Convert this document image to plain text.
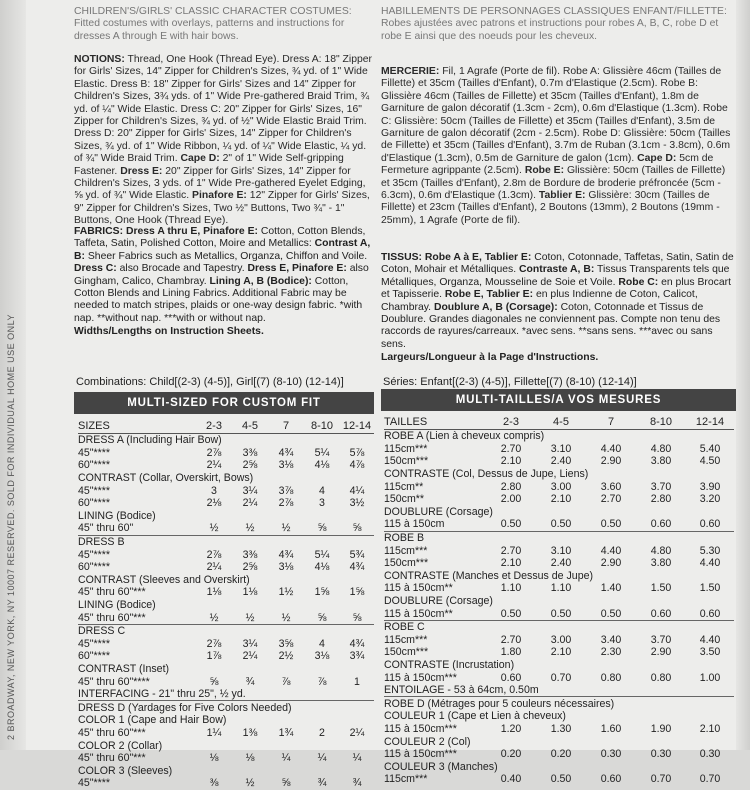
2 BROADWAY, NEW YORK, NY 10007 RESERVED. SOLD FOR INDIVIDUAL HOME USE ONLY

CHILDREN'S/GIRLS' CLASSIC CHARACTER COSTUMES: Fitted costumes with overlays, patterns and instructions for dresses A through E with hair bows.

NOTIONS: Thread, One Hook (Thread Eye). Dress A: 18" Zipper for Girls' Sizes, 14" Zipper for Children's Sizes, ¾ yd. of 1" Wide Elastic. Dress B: 18" Zipper for Girls' Sizes and 14" Zipper for Children's Sizes, 3¾ yds. of 1" Wide Pre-gathered Braid Trim, ¾ yd. of ¼" Wide Elastic. Dress C: 20" Zipper for Girls' Sizes, 16" Zipper for Children's Sizes, ¾ yd. of ½" Wide Elastic Braid Trim. Dress D: 20" Zipper for Girls' Sizes, 14" Zipper for Children's Sizes, ¾ yd. of 1" Wide Ribbon, ¼ yd. of ¼" Wide Elastic, ¼ yd. of ¾" Wide Braid Trim. Cape D: 2" of 1" Wide Self-gripping Fastener. Dress E: 20" Zipper for Girls' Sizes, 14" Zipper for Children's Sizes, 3 yds. of 1" Wide Pre-gathered Eyelet Edging, ⅝ yd. of ¾" Wide Elastic. Pinafore E: 12" Zipper for Girls' Sizes, 9" Zipper for Children's Sizes, Two ½" Buttons, Two ¾" - 1" Buttons, One Hook (Thread Eye).

FABRICS: Dress A thru E, Pinafore E: Cotton, Cotton Blends, Taffeta, Satin, Polished Cotton, Moire and Metallics: Contrast A, B: Sheer Fabrics such as Metallics, Organza, Chiffon and Voile. Dress C: also Brocade and Tapestry. Dress E, Pinafore E: also Gingham, Calico, Chambray. Lining A, B (Bodice): Cotton, Cotton Blends and Lining Fabrics. Additional Fabric may be needed to match stripes, plaids or one-way design fabric. *with nap. **without nap. ***with or without nap.

Widths/Lengths on Instruction Sheets.

HABILLEMENTS DE PERSONNAGES CLASSIQUES ENFANT/FILLETTE: Robes ajustées avec patrons et instructions pour robes A, B, C, robe D et robe E ainsi que des noeuds pour les cheveux.

MERCERIE: Fil, 1 Agrafe (Porte de fil). Robe A: Glissière 46cm (Tailles de Fillette) et 35cm (Tailles d'Enfant), 0.7m d'Elastique (2.5cm). Robe B: Glissière 46cm (Tailles de Fillette) et 35cm (Tailles d'Enfant), 1.8m de Garniture de galon décoratif (1.3cm - 2cm), 0.6m d'Elastique (1.3cm). Robe C: Glissière: 50cm (Tailles de Fillette) et 35cm (Tailles d'Enfant), 3.5m de Garniture de galon décoratif (2cm - 2.5cm). Robe D: Glissière: 50cm (Tailles de Fillette) et 35cm (Tailles d'Enfant), 3.7m de Ruban (3.1cm - 3.8cm), 0.6m d'Elastique (1.3cm), 0.5m de Garniture de galon (1cm). Cape D: 5cm de Fermeture agrippante (2.5cm). Robe E: Glissière: 50cm (Tailles de Fillette) et 35cm (Tailles d'Enfant), 2.8m de Bordure de broderie préfroncée (5cm - 6.3cm), 0.6m d'Elastique (1.3cm). Tablier E: Glissière: 30cm (Tailles de Fillette) et 23cm (Tailles d'Enfant), 2 Boutons (13mm), 2 Boutons (19mm - 25mm), 1 Agrafe (Porte de fil).

TISSUS: Robe A à E, Tablier E: Coton, Cotonnade, Taffetas, Satin, Satin de Coton, Mohair et Métalliques. Contraste A, B: Tissus Transparents tels que Métalliques, Organza, Mousseline de Soie et Voile. Robe C: en plus Brocart et Tapisserie. Robe E, Tablier E: en plus Indienne de Coton, Calicot, Chambray. Doublure A, B (Corsage): Coton, Cotonnade et Tissus de Doublure. Grandes diagonales ne conviennent pas. Compte non tenu des raccords de rayures/carreaux. *avec sens. **sans sens. ***avec ou sans sens.

Largeurs/Longueur à la Page d'Instructions.

Combinations: Child[(2-3) (4-5)], Girl[(7) (8-10) (12-14)]	Séries: Enfant[(2-3) (4-5)], Fillette[(7) (8-10) (12-14)]
MULTI-SIZED FOR CUSTOM FIT	MULTI-TAILLES/A VOS MESURES
SIZES	2-3	4-5	7	8-10	12-14
DRESS A (Including Hair Bow)					
45"****	2⅞	3⅜	4¾	5¼	5⅞
60"****	2¼	2⅝	3⅛	4⅛	4⅞
CONTRAST (Collar, Overskirt, Bows)					
45"****	3	3¼	3⅞	4	4¼
60"****	2⅛	2¼	2⅞	3	3½
LINING (Bodice)					
45" thru 60"	½	½	½	⅝	⅝
DRESS B					
45"****	2⅞	3⅜	4¾	5¼	5¾
60"****	2¼	2⅝	3⅛	4⅛	4¾
CONTRAST (Sleeves and Overskirt)					
45" thru 60"***	1⅛	1⅛	1½	1⅝	1⅝
LINING (Bodice)					
45" thru 60"***	½	½	½	⅝	⅝
DRESS C					
45"****	2⅞	3¼	3⅝	4	4¾
60"****	1⅞	2¼	2½	3⅛	3¾
CONTRAST (Inset)					
45" thru 60"****	⅝	¾	⅞	⅞	1
INTERFACING - 21" thru 25", ½ yd.					
DRESS D (Yardages for Five Colors Needed)					
COLOR 1 (Cape and Hair Bow)					
45" thru 60"***	1¼	1⅜	1¾	2	2¼
COLOR 2 (Collar)					
45" thru 60"***	⅛	⅛	¼	¼	¼
COLOR 3 (Sleeves)					
45"****	⅜	½	⅝	¾	¾
TAILLES	2-3	4-5	7	8-10	12-14
ROBE A (Lien à cheveux compris)					
115cm***	2.70	3.10	4.40	4.80	5.40
150cm***	2.10	2.40	2.90	3.80	4.50
CONTRASTE (Col, Dessus de Jupe, Liens)					
115cm**	2.80	3.00	3.60	3.70	3.90
150cm**	2.00	2.10	2.70	2.80	3.20
DOUBLURE (Corsage)					
115 à 150cm	0.50	0.50	0.50	0.60	0.60
ROBE B					
115cm***	2.70	3.10	4.40	4.80	5.30
150cm***	2.10	2.40	2.90	3.80	4.40
CONTRASTE (Manches et Dessus de Jupe)					
115 à 150cm**	1.10	1.10	1.40	1.50	1.50
DOUBLURE (Corsage)					
115 à 150cm**	0.50	0.50	0.50	0.60	0.60
ROBE C					
115cm***	2.70	3.00	3.40	3.70	4.40
150cm***	1.80	2.10	2.30	2.90	3.50
CONTRASTE (Incrustation)					
115 à 150cm***	0.60	0.70	0.80	0.80	1.00
ENTOILAGE - 53 à 64cm, 0.50m					
ROBE D (Métrages pour 5 couleurs nécessaires)					
COULEUR 1 (Cape et Lien à cheveux)					
115 à 150cm***	1.20	1.30	1.60	1.90	2.10
COULEUR 2 (Col)					
115 à 150cm***	0.20	0.20	0.30	0.30	0.30
COULEUR 3 (Manches)					
115cm***	0.40	0.50	0.60	0.70	0.70
